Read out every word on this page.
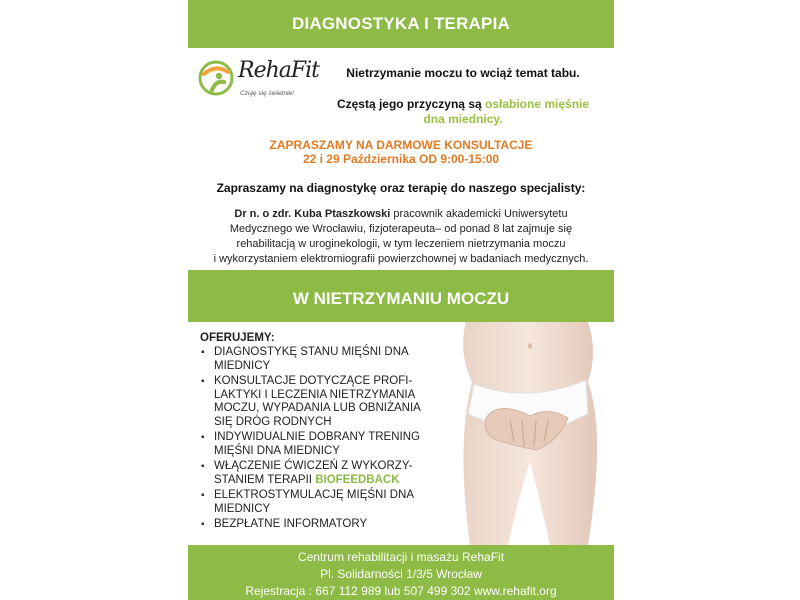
DIAGNOSTYKA I TERAPIA
RehaFit
Czuję się świetnie!
Nietrzymanie moczu to wciąż temat tabu.
Częstą jego przyczyną są osłabione mięśnie
dna miednicy.
ZAPRASZAMY NA DARMOWE KONSULTACJE
22 i 29 Października OD 9:00-15:00
Zapraszamy na diagnostykę oraz terapię do naszego specjalisty:
Dr n. o zdr. Kuba Ptaszkowski pracownik akademicki Uniwersytetu
Medycznego we Wrocławiu, fizjoterapeuta– od ponad 8 lat zajmuje się
rehabilitacją w uroginekologii, w tym leczeniem nietrzymania moczu
i wykorzystaniem elektromiografii powierzchownej w badaniach medycznych.
W NIETRZYMANIU MOCZU
OFERUJEMY:
▪ DIAGNOSTYKĘ STANU MIĘŚNI DNA MIEDNICY
▪ KONSULTACJE DOTYCZĄCE PROFI-LAKTYKI I LECZENIA NIETRZYMANIA MOCZU, WYPADANIA LUB OBNIŻANIA SIĘ DRÓG RODNYCH
▪ INDYWIDUALNIE DOBRANY TRENING MIĘŚNI DNA MIEDNICY
▪ WŁĄCZENIE ĆWICZEŃ Z WYKORZY-STANIEM TERAPII BIOFEEDBACK
▪ ELEKTROSTYMULACJĘ MIĘŚNI DNA MIEDNICY
▪ BEZPŁATNE INFORMATORY
Centrum rehabilitacji i masażu RehaFit
Pl. Solidarności 1/3/5 Wrocław
Rejestracja : 667 112 989 lub 507 499 302 www.rehafit.org
